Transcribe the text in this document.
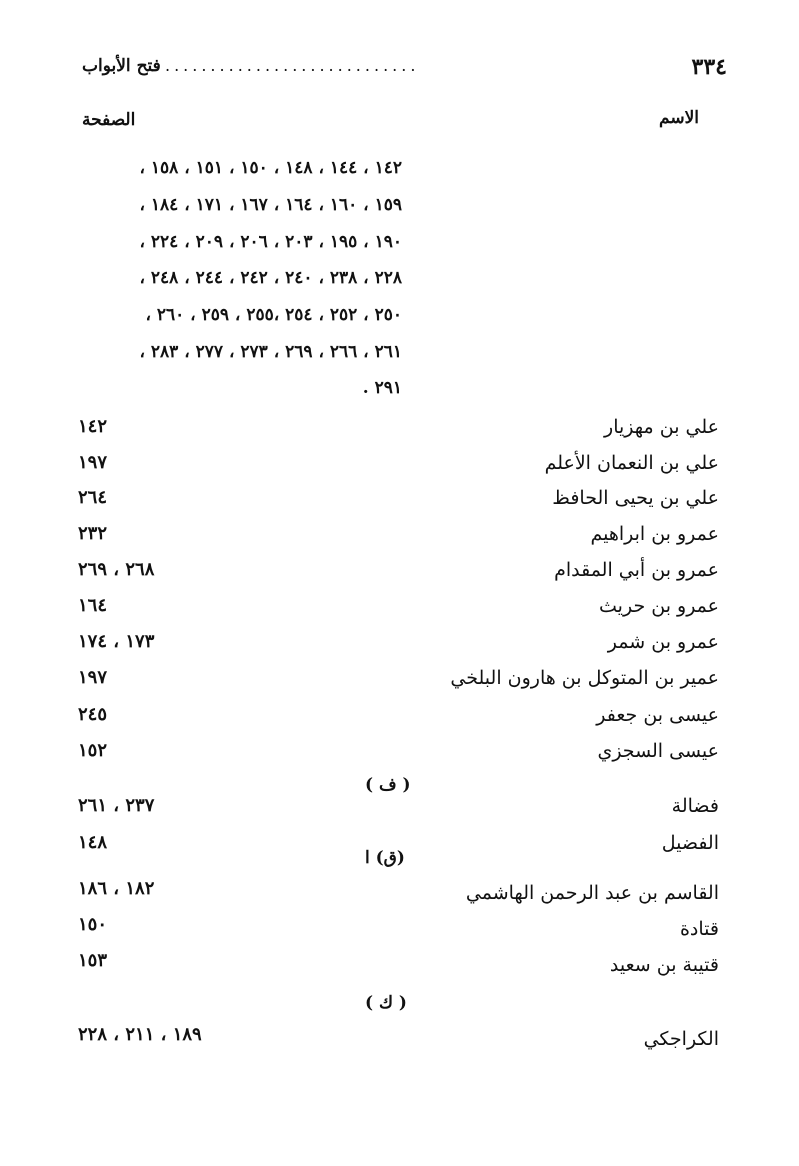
٣٣٤
............................
فتح الأبواب
الاسم
الصفحة
١٤٢ ، ١٤٤ ، ١٤٨ ، ١٥٠ ، ١٥١ ، ١٥٨ ،
١٥٩ ، ١٦٠ ، ١٦٤ ، ١٦٧ ، ١٧١ ، ١٨٤ ،
١٩٠ ، ١٩٥ ، ٢٠٣ ، ٢٠٦ ، ٢٠٩ ، ٢٢٤ ،
٢٢٨ ، ٢٣٨ ، ٢٤٠ ، ٢٤٢ ، ٢٤٤ ، ٢٤٨ ،
٢٥٠ ، ٢٥٢ ، ٢٥٤ ،٢٥٥ ، ٢٥٩ ، ٢٦٠ ،
٢٦١ ، ٢٦٦ ، ٢٦٩ ، ٢٧٣ ، ٢٧٧ ، ٢٨٣ ،
٢٩١ .
علي بن مهزيار
١٤٢
علي بن النعمان الأعلم
١٩٧
علي بن يحيى الحافظ
٢٦٤
عمرو بن ابراهيم
٢٣٢
عمرو بن أبي المقدام
٢٦٨ ، ٢٦٩
عمرو بن حريث
١٦٤
عمرو بن شمر
١٧٣ ، ١٧٤
عمير بن المتوكل بن هارون البلخي
١٩٧
عيسى بن جعفر
٢٤٥
عيسى السجزي
١٥٢
( ف )
فضالة
٢٣٧ ، ٢٦١
الفضيل
١٤٨
(ق) ا
القاسم بن عبد الرحمن الهاشمي
١٨٢ ، ١٨٦
قتادة
١٥٠
قتيبة بن سعيد
١٥٣
( ك )
الكراجكي
١٨٩ ، ٢١١ ، ٢٢٨
